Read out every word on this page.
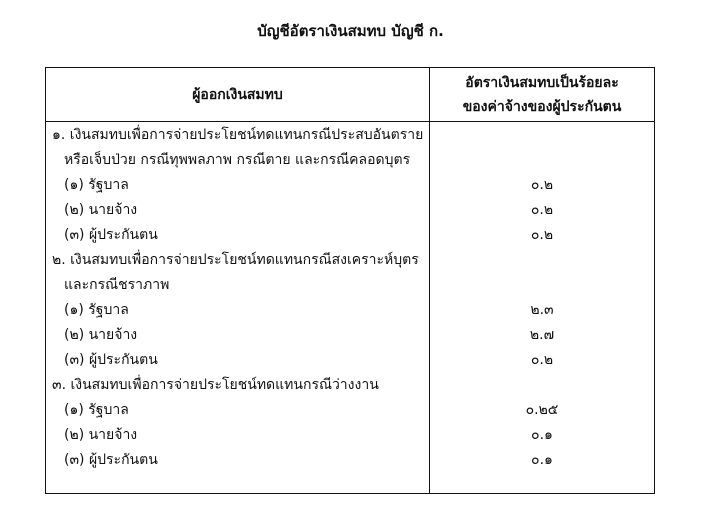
บัญชีอัตราเงินสมทบ บัญชี ก.
ผู้ออกเงินสมทบ
อัตราเงินสมทบเป็นร้อยละ
ของค่าจ้างของผู้ประกันตน
๑. เงินสมทบเพื่อการจ่ายประโยชน์ทดแทนกรณีประสบอันตราย
หรือเจ็บป่วย กรณีทุพพลภาพ กรณีตาย และกรณีคลอดบุตร
(๑) รัฐบาล	๐.๒
(๒) นายจ้าง	๐.๒
(๓) ผู้ประกันตน	๐.๒
๒. เงินสมทบเพื่อการจ่ายประโยชน์ทดแทนกรณีสงเคราะห์บุตร
และกรณีชราภาพ
(๑) รัฐบาล	๒.๓
(๒) นายจ้าง	๒.๗
(๓) ผู้ประกันตน	๐.๒
๓. เงินสมทบเพื่อการจ่ายประโยชน์ทดแทนกรณีว่างงาน
(๑) รัฐบาล	๐.๒๕
(๒) นายจ้าง	๐.๑
(๓) ผู้ประกันตน	๐.๑
